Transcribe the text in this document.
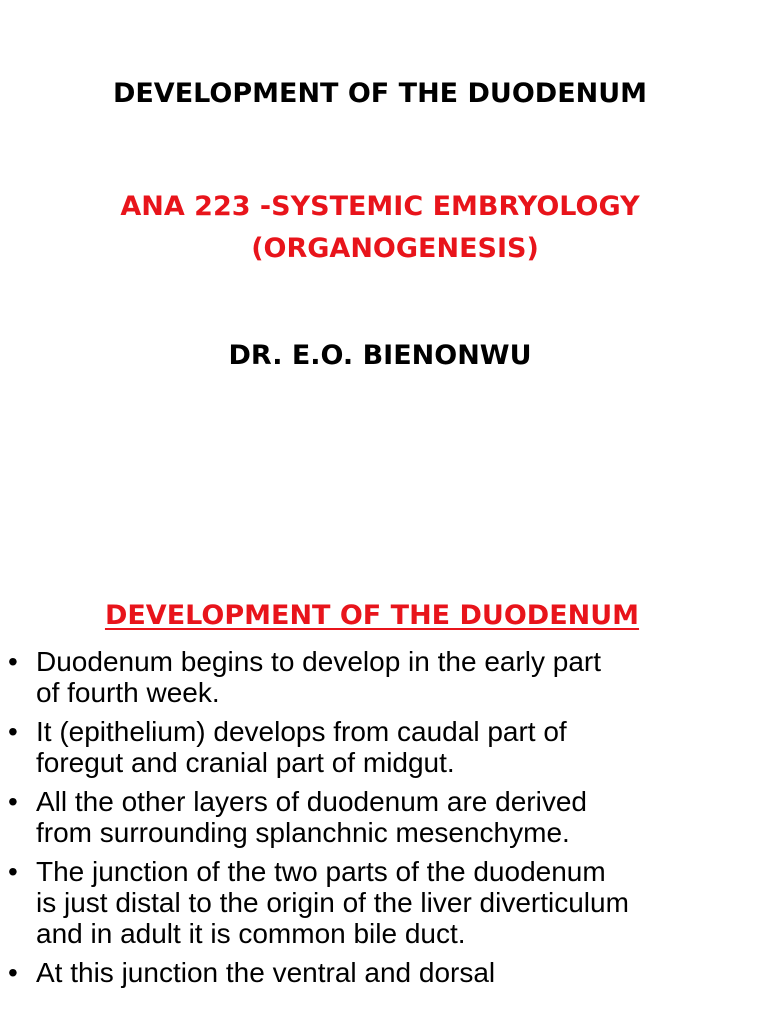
DEVELOPMENT OF THE DUODENUM
ANA 223 -SYSTEMIC EMBRYOLOGY
(ORGANOGENESIS)
DR. E.O. BIENONWU
DEVELOPMENT OF THE DUODENUM
• Duodenum begins to develop in the early part
of fourth week.
• It (epithelium) develops from caudal part of
foregut and cranial part of midgut.
• All the other layers of duodenum are derived
from surrounding splanchnic mesenchyme.
• The junction of the two parts of the duodenum
is just distal to the origin of the liver diverticulum
and in adult it is common bile duct.
• At this junction the ventral and dorsal
